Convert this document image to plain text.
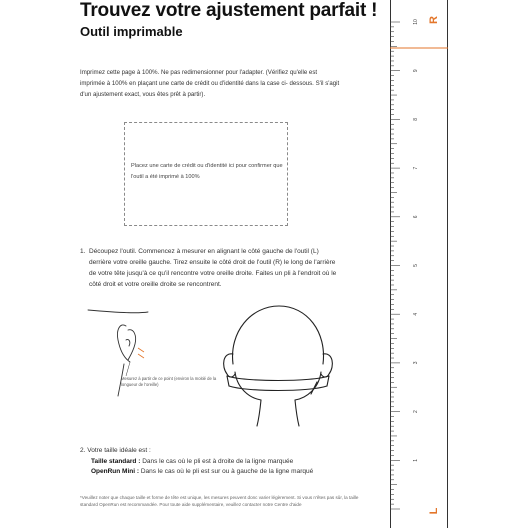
Trouvez votre ajustement parfait !
Outil imprimable
Imprimez cette page à 100%. Ne pas redimensionner pour l'adapter. (Vérifiez qu'elle est imprimée à 100% en plaçant une carte de crédit ou d'identité dans la case ci- dessous. S'il s'agit d'un ajustement exact, vous êtes prêt à partir).
Placez une carte de crédit ou d'identité ici pour confirmer que l'outil a été imprimé à 100%
1. Découpez l'outil. Commencez à mesurer en alignant le côté gauche de l'outil (L) derrière votre oreille gauche. Tirez ensuite le côté droit de l'outil (R) le long de l'arrière de votre tête jusqu'à ce qu'il rencontre votre oreille droite. Faites un pli à l'endroit où le côté droit et votre oreille droite se rencontrent.
Mesurez à partir de ce point (environ la moitié de la longueur de l'oreille)
2. Votre taille idéale est :
Taille standard : Dans le cas où le pli est à droite de la ligne marquée
OpenRun Mini : Dans le cas où le pli est sur ou à gauche de la ligne marqué
*Veuillez noter que chaque taille et forme de tête est unique, les mesures peuvent donc varier légèrement. Si vous n'êtes pas sûr, la taille standard OpenRun est recommandée. Pour toute aide supplémentaire, veuillez contacter notre Centre d'aide
10
9
8
7
6
5
4
3
2
1
R
L
